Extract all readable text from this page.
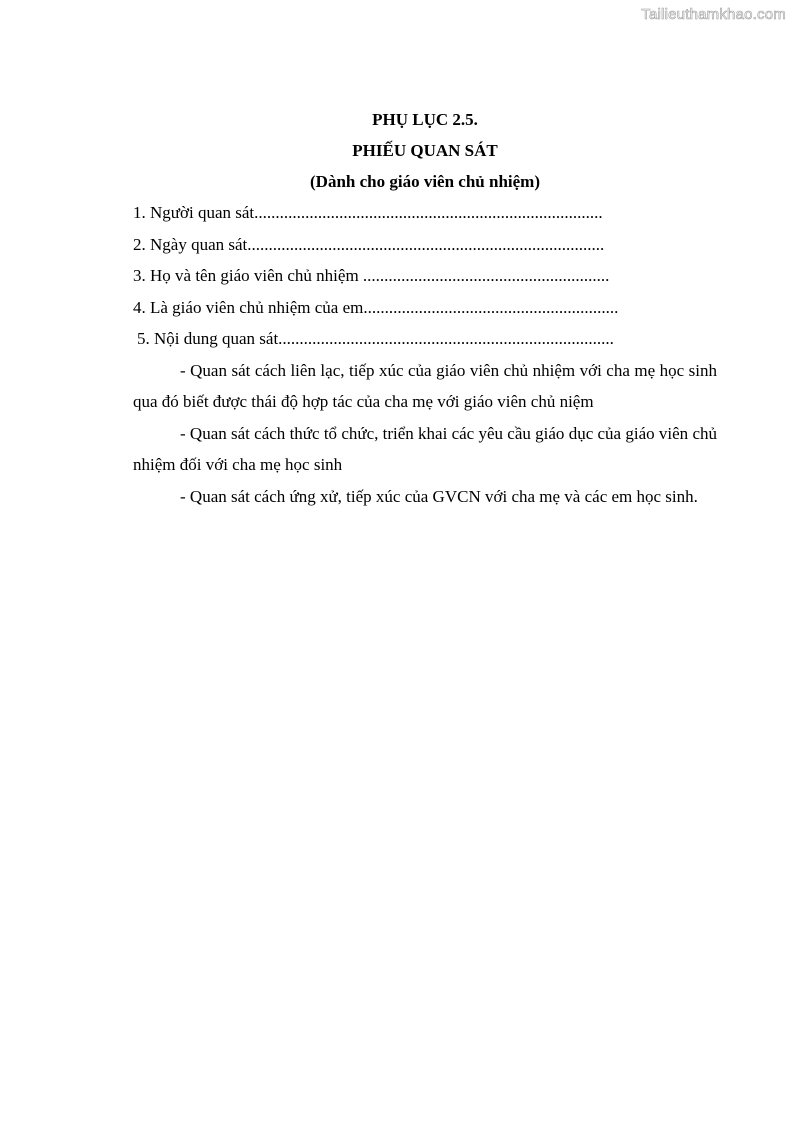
Tailieuthamkhao.com

PHỤ LỤC 2.5.

PHIẾU QUAN SÁT

(Dành cho giáo viên chủ nhiệm)

1. Người quan sát..................................................................................

2. Ngày quan sát....................................................................................

3. Họ và tên giáo viên chủ nhiệm ..........................................................

4. Là giáo viên chủ nhiệm của em............................................................

5. Nội dung quan sát...............................................................................

- Quan sát cách liên lạc, tiếp xúc của giáo viên chủ nhiệm với cha mẹ học sinh qua đó biết được thái độ hợp tác của cha mẹ với giáo viên chủ niệm

- Quan sát cách thức tổ chức, triển khai các yêu cầu giáo dục của giáo viên chủ nhiệm đối với cha mẹ học sinh

- Quan sát cách ứng xử, tiếp xúc của GVCN với cha mẹ và các em học sinh.
